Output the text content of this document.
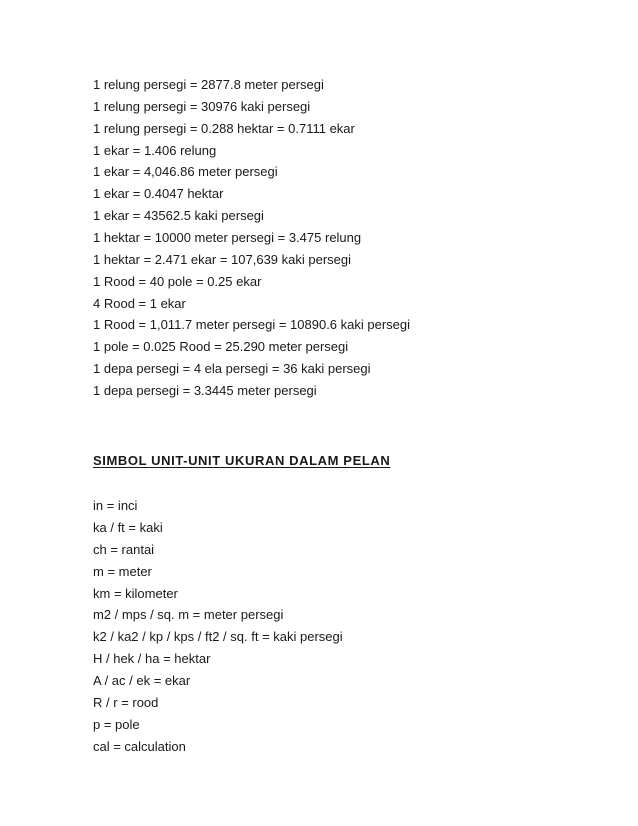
1 relung persegi = 2877.8 meter persegi
1 relung persegi = 30976 kaki persegi
1 relung persegi = 0.288 hektar = 0.7111 ekar
1 ekar = 1.406 relung
1 ekar = 4,046.86 meter persegi
1 ekar = 0.4047 hektar
1 ekar = 43562.5 kaki persegi
1 hektar = 10000 meter persegi = 3.475 relung
1 hektar = 2.471 ekar = 107,639 kaki persegi
1 Rood = 40 pole = 0.25 ekar
4 Rood = 1 ekar
1 Rood = 1,011.7 meter persegi = 10890.6 kaki persegi
1 pole = 0.025 Rood = 25.290 meter persegi
1 depa persegi = 4 ela persegi = 36 kaki persegi
1 depa persegi = 3.3445 meter persegi
SIMBOL UNIT-UNIT UKURAN DALAM PELAN
in = inci
ka / ft = kaki
ch = rantai
m = meter
km = kilometer
m2 / mps / sq. m = meter persegi
k2 / ka2 / kp / kps / ft2 / sq. ft = kaki persegi
H / hek / ha = hektar
A / ac / ek = ekar
R / r = rood
p = pole
cal = calculation
